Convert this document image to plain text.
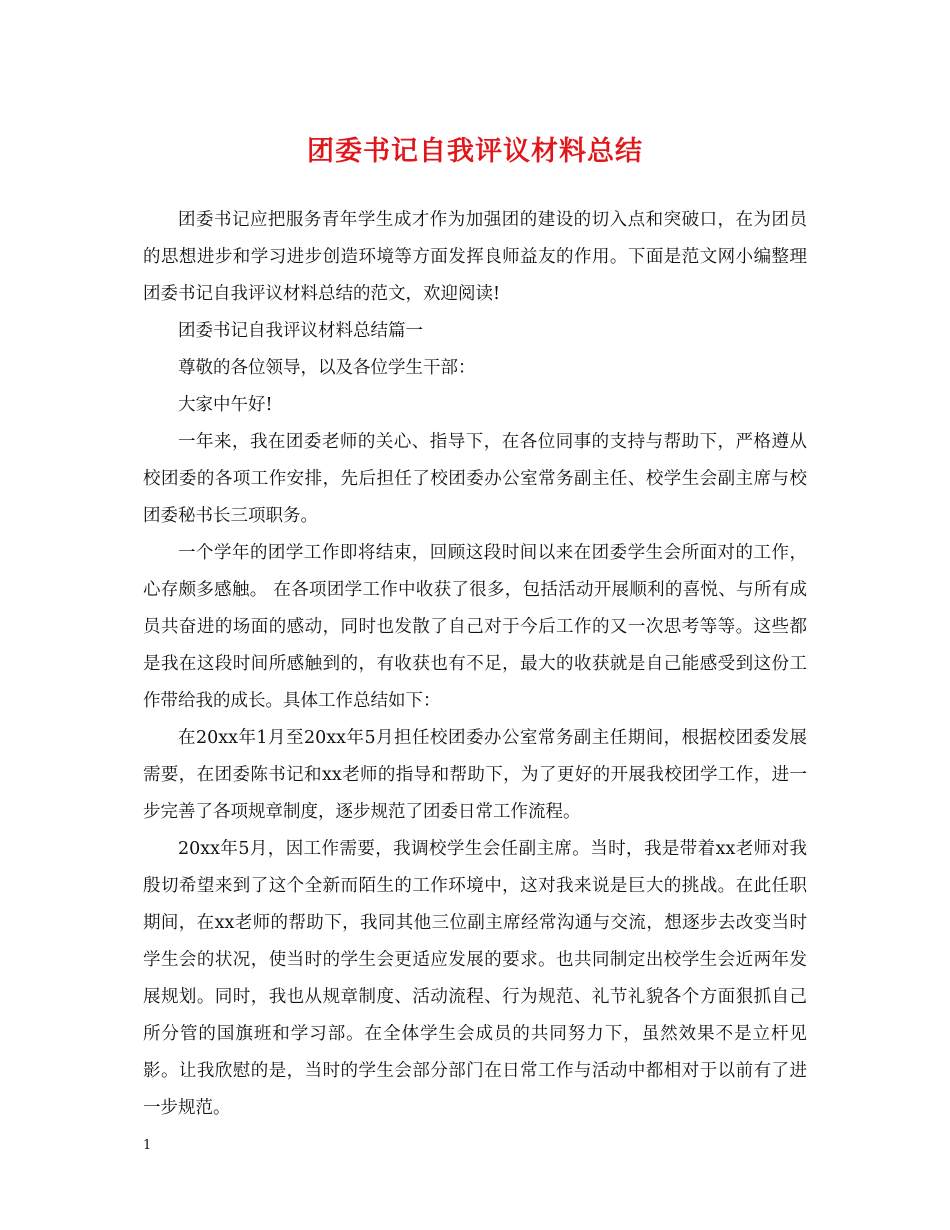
团委书记自我评议材料总结

团委书记应把服务青年学生成才作为加强团的建设的切入点和突破口，在为团员的思想进步和学习进步创造环境等方面发挥良师益友的作用。下面是范文网小编整理团委书记自我评议材料总结的范文，欢迎阅读!

团委书记自我评议材料总结篇一

尊敬的各位领导，以及各位学生干部：

大家中午好!

一年来，我在团委老师的关心、指导下，在各位同事的支持与帮助下，严格遵从校团委的各项工作安排，先后担任了校团委办公室常务副主任、校学生会副主席与校团委秘书长三项职务。

一个学年的团学工作即将结束，回顾这段时间以来在团委学生会所面对的工作，心存颇多感触。 在各项团学工作中收获了很多，包括活动开展顺利的喜悦、与所有成员共奋进的场面的感动，同时也发散了自己对于今后工作的又一次思考等等。这些都是我在这段时间所感触到的，有收获也有不足，最大的收获就是自己能感受到这份工作带给我的成长。具体工作总结如下：

在20xx年1月至20xx年5月担任校团委办公室常务副主任期间，根据校团委发展需要，在团委陈书记和xx老师的指导和帮助下，为了更好的开展我校团学工作，进一步完善了各项规章制度，逐步规范了团委日常工作流程。

20xx年5月，因工作需要，我调校学生会任副主席。当时，我是带着xx老师对我殷切希望来到了这个全新而陌生的工作环境中，这对我来说是巨大的挑战。在此任职期间，在xx老师的帮助下，我同其他三位副主席经常沟通与交流，想逐步去改变当时学生会的状况，使当时的学生会更适应发展的要求。也共同制定出校学生会近两年发展规划。同时，我也从规章制度、活动流程、行为规范、礼节礼貌各个方面狠抓自己所分管的国旗班和学习部。在全体学生会成员的共同努力下，虽然效果不是立杆见影。让我欣慰的是，当时的学生会部分部门在日常工作与活动中都相对于以前有了进一步规范。

1
